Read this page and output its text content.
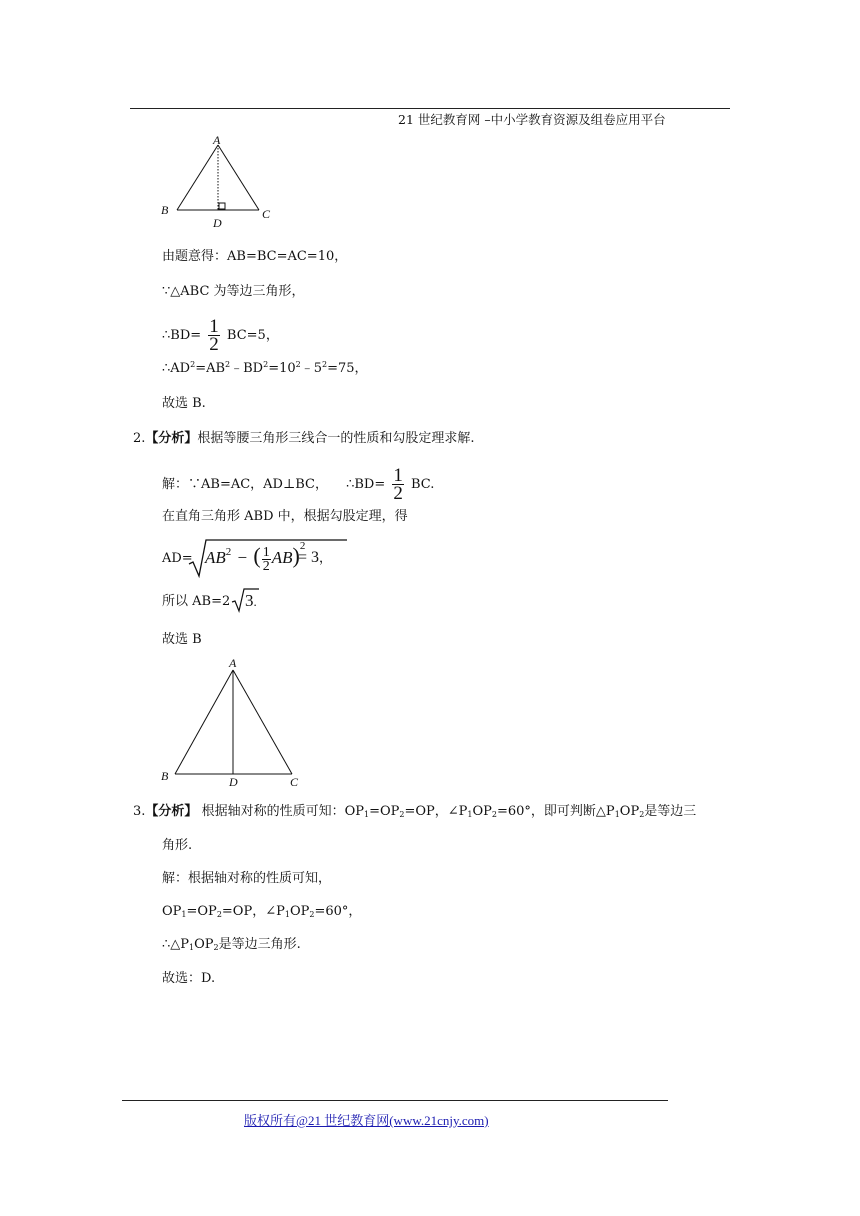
21 世纪教育网 –中小学教育资源及组卷应用平台
A
B	C
D
由题意得：AB=BC=AC=10，
∵△ABC 为等边三角形，
∴BD= $\frac{1}{2} BC=5$，
$\therefore AD^2=AB^2﹣BD^2=10^2﹣5^2=75$，
故选 B.
2.【分析】根据等腰三角形三线合一的性质和勾股定理求解.
解：∵AB=AC，AD⊥BC， ∴BD= $\frac{1}{2}$ BC.
在直角三角形 ABD 中，根据勾股定理，得
$AD= AB^2$ − ( $\frac{1}{2} AB)^2$
= 3，
所以 AB=2 3.
故选 B
A
B	C
D
3.【分析】 根据轴对称的性质可知：$OP_1=OP_2=OP$，$\angle P_1OP_2=60^\circ$，即可判断$\triangle P_1OP_2$是等边三
角形.
解：根据轴对称的性质可知，
$OP_1=OP_2=OP$，$\angle P_1OP_2=60^\circ$，
$\therefore\triangle P_1OP_2$是等边三角形.
故选：D.
版权所有@21 世纪教育网(www.21cnjy.com)
